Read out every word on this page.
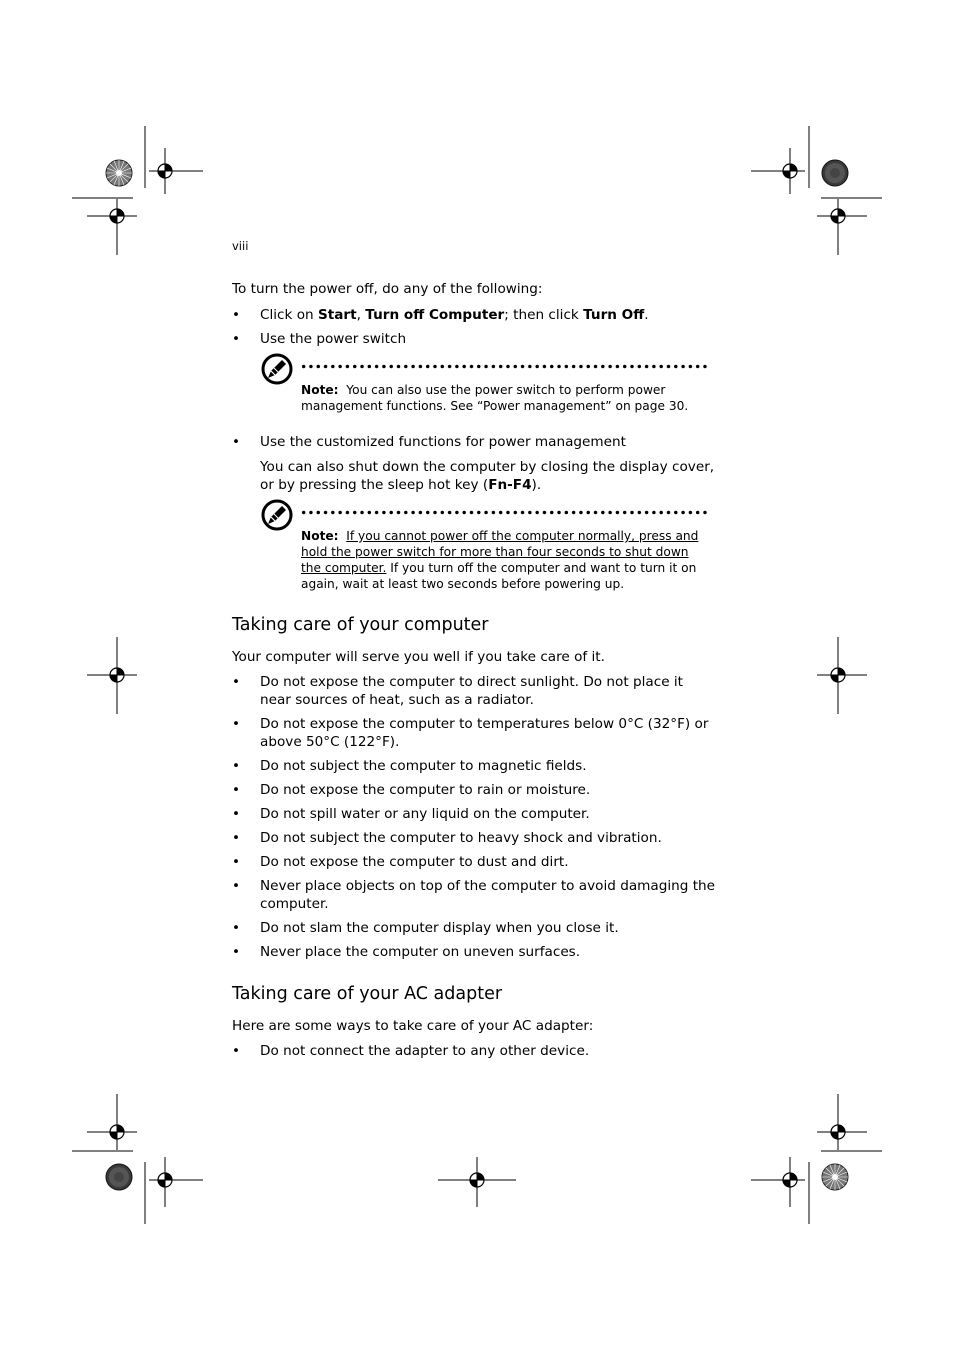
viii
To turn the power off, do any of the following:
• Click on Start, Turn off Computer; then click Turn Off.
• Use the power switch
Note: You can also use the power switch to perform power
management functions. See “Power management” on page 30.
• Use the customized functions for power management
You can also shut down the computer by closing the display cover,
or by pressing the sleep hot key (Fn-F4).
Note: If you cannot power off the computer normally, press and
hold the power switch for more than four seconds to shut down
the computer. If you turn off the computer and want to turn it on
again, wait at least two seconds before powering up.
Taking care of your computer
Your computer will serve you well if you take care of it.
• Do not expose the computer to direct sunlight. Do not place it
near sources of heat, such as a radiator.
• Do not expose the computer to temperatures below 0°C (32°F) or
above 50°C (122°F).
• Do not subject the computer to magnetic fields.
• Do not expose the computer to rain or moisture.
• Do not spill water or any liquid on the computer.
• Do not subject the computer to heavy shock and vibration.
• Do not expose the computer to dust and dirt.
• Never place objects on top of the computer to avoid damaging the
computer.
• Do not slam the computer display when you close it.
• Never place the computer on uneven surfaces.
Taking care of your AC adapter
Here are some ways to take care of your AC adapter:
• Do not connect the adapter to any other device.
